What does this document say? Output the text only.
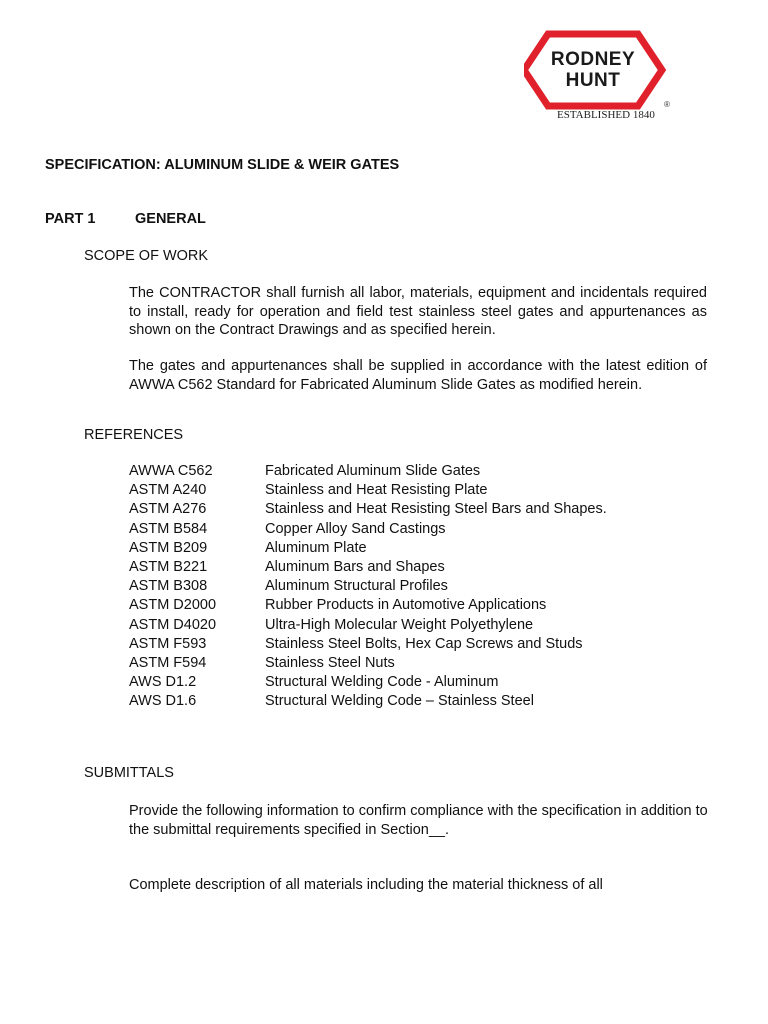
RODNEY
HUNT
®
ESTABLISHED 1840
SPECIFICATION: ALUMINUM SLIDE & WEIR GATES
PART 1	GENERAL
SCOPE OF WORK
The CONTRACTOR shall furnish all labor, materials, equipment and incidentals required to install, ready for operation and field test stainless steel gates and appurtenances as shown on the Contract Drawings and as specified herein.
The gates and appurtenances shall be supplied in accordance with the latest edition of AWWA C562 Standard for Fabricated Aluminum Slide Gates as modified herein.
REFERENCES
AWWA C562	Fabricated Aluminum Slide Gates
ASTM A240	Stainless and Heat Resisting Plate
ASTM A276	Stainless and Heat Resisting Steel Bars and Shapes.
ASTM B584	Copper Alloy Sand Castings
ASTM B209	Aluminum Plate
ASTM B221	Aluminum Bars and Shapes
ASTM B308	Aluminum Structural Profiles
ASTM D2000	Rubber Products in Automotive Applications
ASTM D4020	Ultra-High Molecular Weight Polyethylene
ASTM F593	Stainless Steel Bolts, Hex Cap Screws and Studs
ASTM F594	Stainless Steel Nuts
AWS D1.2	Structural Welding Code - Aluminum
AWS D1.6	Structural Welding Code – Stainless Steel
SUBMITTALS
Provide the following information to confirm compliance with the specification in addition to the submittal requirements specified in Section__.
Complete description of all materials including the material thickness of all
